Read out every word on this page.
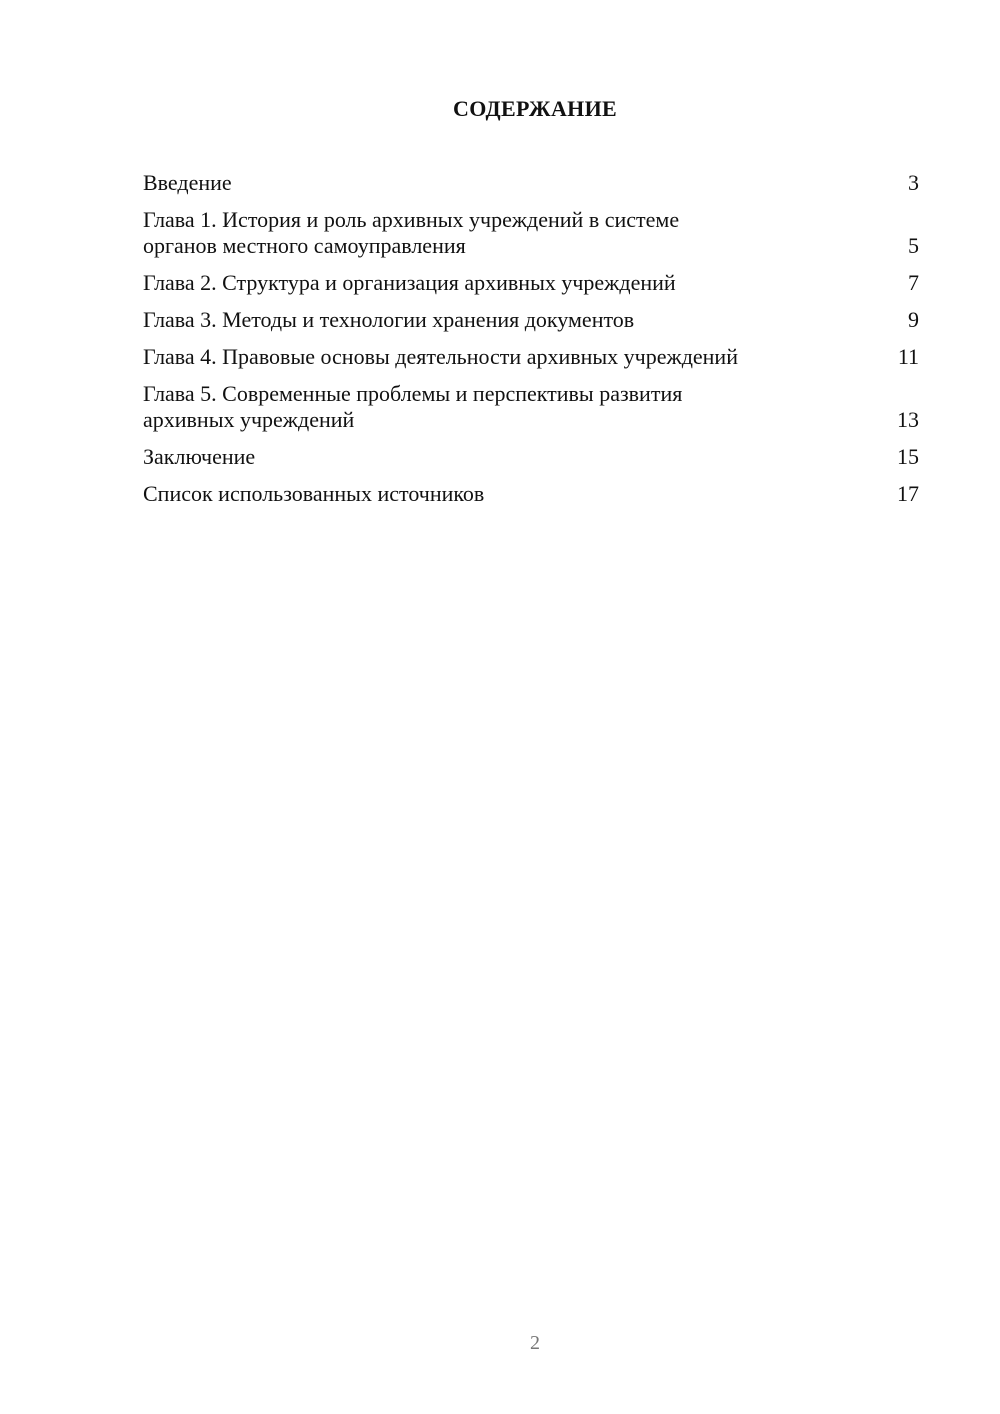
СОДЕРЖАНИЕ
Введение	3
Глава 1. История и роль архивных учреждений в системе
органов местного самоуправления	5
Глава 2. Структура и организация архивных учреждений	7
Глава 3. Методы и технологии хранения документов	9
Глава 4. Правовые основы деятельности архивных учреждений	11
Глава 5. Современные проблемы и перспективы развития
архивных учреждений	13
Заключение	15
Список использованных источников	17
2
